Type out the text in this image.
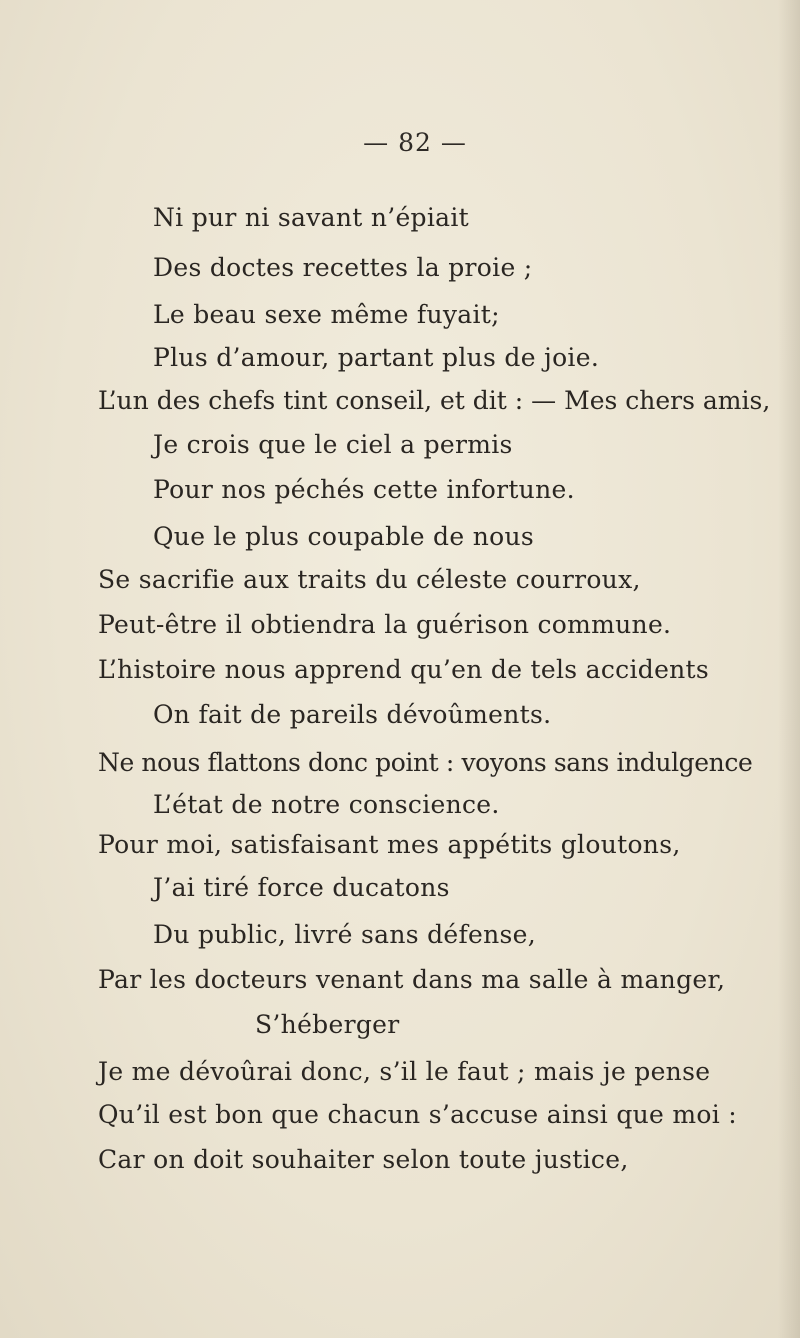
— 82 —
Ni pur ni savant n’épiait
Des doctes recettes la proie ;
Le beau sexe même fuyait;
Plus d’amour, partant plus de joie.
L’un des chefs tint conseil, et dit : — Mes chers amis,
Je crois que le ciel a permis
Pour nos péchés cette infortune.
Que le plus coupable de nous
Se sacrifie aux traits du céleste courroux,
Peut-être il obtiendra la guérison commune.
L’histoire nous apprend qu’en de tels accidents
On fait de pareils dévoûments.
Ne nous flattons donc point : voyons sans indulgence
L’état de notre conscience.
Pour moi, satisfaisant mes appétits gloutons,
J’ai tiré force ducatons
Du public, livré sans défense,
Par les docteurs venant dans ma salle à manger,
S’héberger
Je me dévoûrai donc, s’il le faut ; mais je pense
Qu’il est bon que chacun s’accuse ainsi que moi :
Car on doit souhaiter selon toute justice,
